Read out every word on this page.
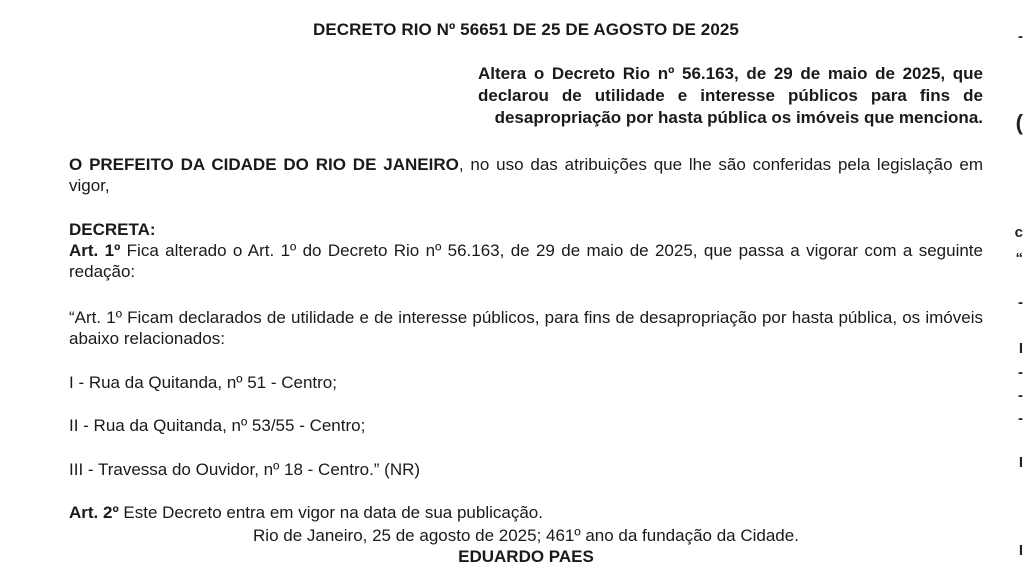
DECRETO RIO Nº 56651 DE 25 DE AGOSTO DE 2025
Altera o Decreto Rio nº 56.163, de 29 de maio de 2025, que declarou de utilidade e interesse públicos para fins de desapropriação por hasta pública os imóveis que menciona.
O PREFEITO DA CIDADE DO RIO DE JANEIRO, no uso das atribuições que lhe são conferidas pela legislação em vigor,
DECRETA:
Art. 1º Fica alterado o Art. 1º do Decreto Rio nº 56.163, de 29 de maio de 2025, que passa a vigorar com a seguinte redação:
“Art. 1º Ficam declarados de utilidade e de interesse públicos, para fins de desapropriação por hasta pública, os imóveis abaixo relacionados:
I - Rua da Quitanda, nº 51 - Centro;
II - Rua da Quitanda, nº 53/55 - Centro;
III - Travessa do Ouvidor, nº 18 - Centro.” (NR)
Art. 2º Este Decreto entra em vigor na data de sua publicação.
Rio de Janeiro, 25 de agosto de 2025; 461º ano da fundação da Cidade.
EDUARDO PAES
-
(
c
“
-
I
-
-
-
I
I
